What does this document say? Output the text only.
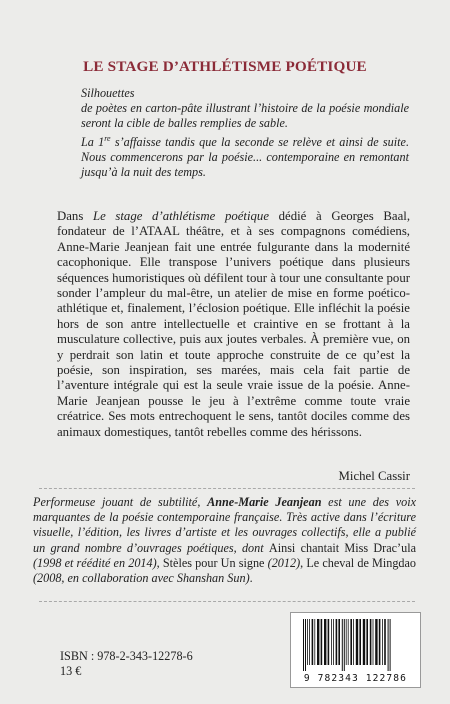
LE STAGE D’ATHLÉTISME POÉTIQUE

Silhouettes

de poètes en carton-pâte illustrant l’histoire de la poésie mondiale seront la cible de balles remplies de sable.

La 1re s’affaisse tandis que la seconde se relève et ainsi de suite. Nous commencerons par la poésie... contemporaine en remontant jusqu’à la nuit des temps.

Dans Le stage d’athlétisme poétique dédié à Georges Baal, fondateur de l’ATAAL théâtre, et à ses compagnons comédiens, Anne-Marie Jeanjean fait une entrée fulgurante dans la modernité cacophonique. Elle transpose l’univers poétique dans plusieurs séquences humoristiques où défilent tour à tour une consultante pour sonder l’ampleur du mal-être, un atelier de mise en forme poético-athlétique et, finalement, l’éclosion poétique. Elle infléchit la poésie hors de son antre intellectuelle et craintive en se frottant à la musculature collective, puis aux joutes verbales. À première vue, on y perdrait son latin et toute approche construite de ce qu’est la poésie, son inspiration, ses marées, mais cela fait partie de l’aventure intégrale qui est la seule vraie issue de la poésie. Anne-Marie Jeanjean pousse le jeu à l’extrême comme toute vraie créatrice. Ses mots entrechoquent le sens, tantôt dociles comme des animaux domestiques, tantôt rebelles comme des hérissons.
Michel Cassir
Performeuse jouant de subtilité, Anne-Marie Jeanjean est une des voix marquantes de la poésie contemporaine française. Très active dans l’écriture visuelle, l’édition, les livres d’artiste et les ouvrages collectifs, elle a publié un grand nombre d’ouvrages poétiques, dont Ainsi chantait Miss Drac’ula (1998 et réédité en 2014), Stèles pour Un signe (2012), Le cheval de Mingdao (2008, en collaboration avec Shanshan Sun).
ISBN : 978-2-343-12278-6
13 €
9 782343 122786
